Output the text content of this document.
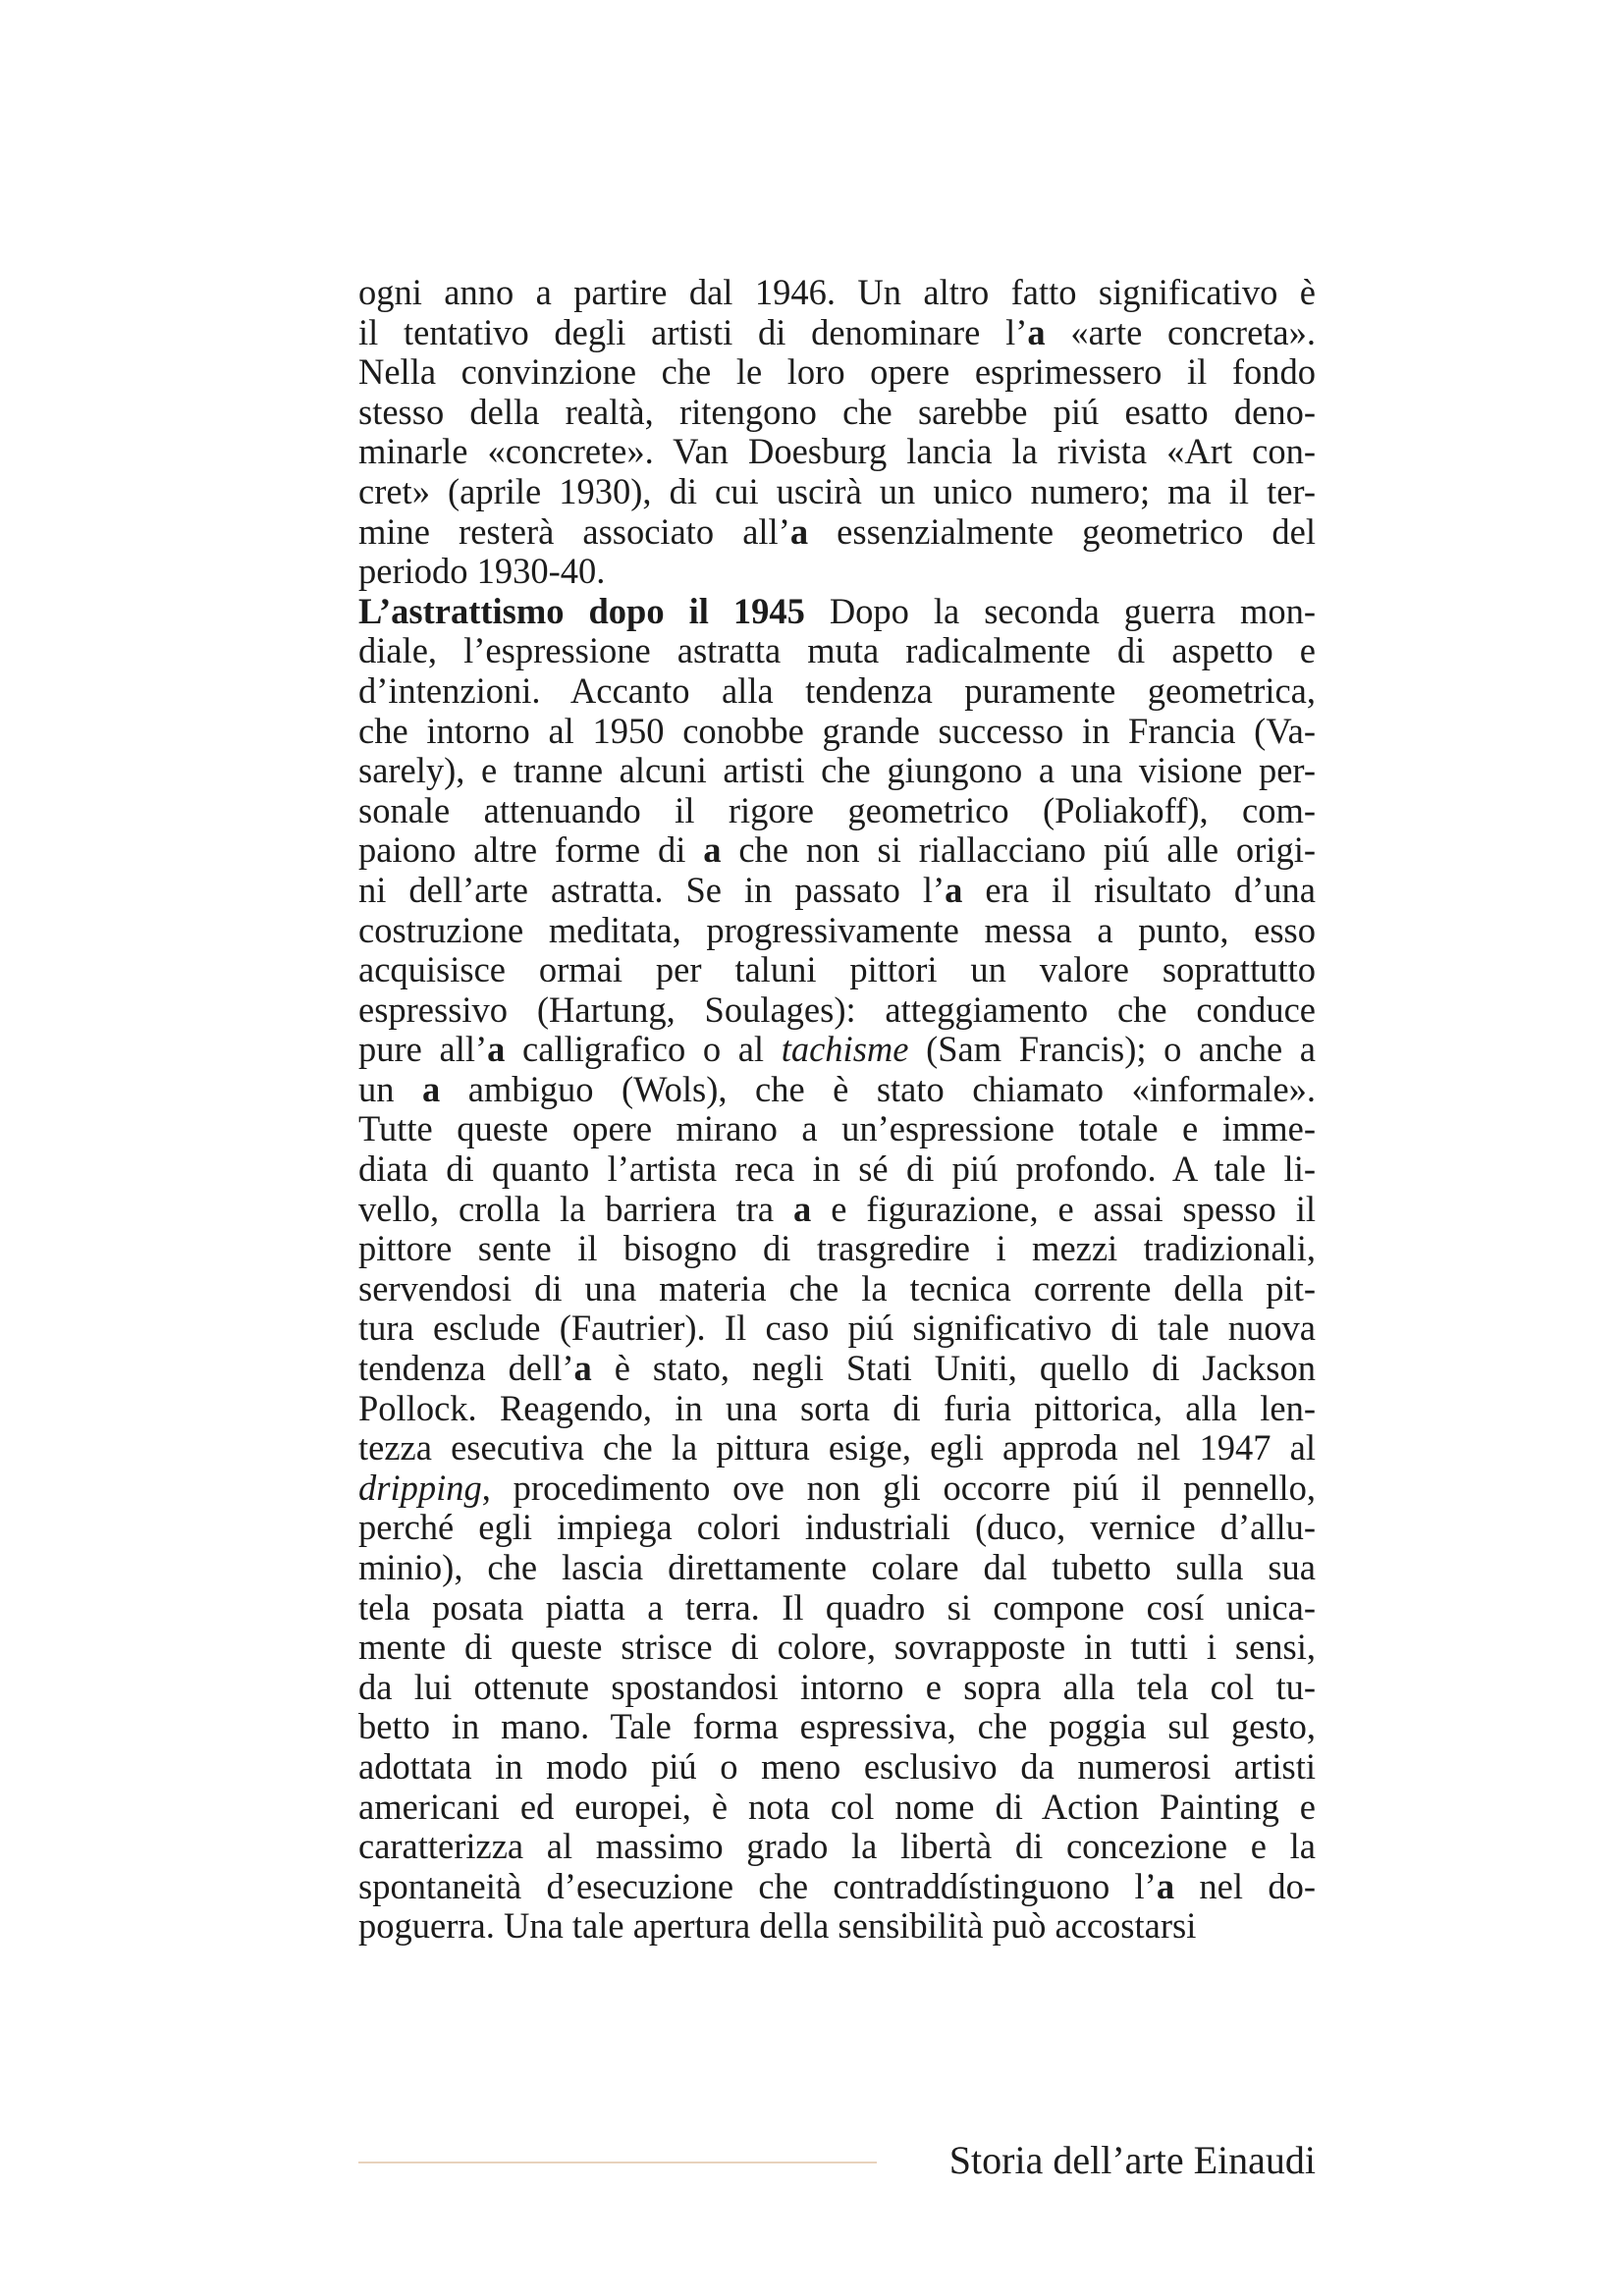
ogni anno a partire dal 1946. Un altro fatto significativo è
il tentativo degli artisti di denominare l’a «arte concreta».
Nella convinzione che le loro opere esprimessero il fondo
stesso della realtà, ritengono che sarebbe piú esatto deno-
minarle «concrete». Van Doesburg lancia la rivista «Art con-
cret» (aprile 1930), di cui uscirà un unico numero; ma il ter-
mine resterà associato all’a essenzialmente geometrico del
periodo 1930-40.
L’astrattismo dopo il 1945 Dopo la seconda guerra mon-
diale, l’espressione astratta muta radicalmente di aspetto e
d’intenzioni. Accanto alla tendenza puramente geometrica,
che intorno al 1950 conobbe grande successo in Francia (Va-
sarely), e tranne alcuni artisti che giungono a una visione per-
sonale attenuando il rigore geometrico (Poliakoff), com-
paiono altre forme di a che non si riallacciano piú alle origi-
ni dell’arte astratta. Se in passato l’a era il risultato d’una
costruzione meditata, progressivamente messa a punto, esso
acquisisce ormai per taluni pittori un valore soprattutto
espressivo (Hartung, Soulages): atteggiamento che conduce
pure all’a calligrafico o al tachisme (Sam Francis); o anche a
un a ambiguo (Wols), che è stato chiamato «informale».
Tutte queste opere mirano a un’espressione totale e imme-
diata di quanto l’artista reca in sé di piú profondo. A tale li-
vello, crolla la barriera tra a e figurazione, e assai spesso il
pittore sente il bisogno di trasgredire i mezzi tradizionali,
servendosi di una materia che la tecnica corrente della pit-
tura esclude (Fautrier). Il caso piú significativo di tale nuova
tendenza dell’a è stato, negli Stati Uniti, quello di Jackson
Pollock. Reagendo, in una sorta di furia pittorica, alla len-
tezza esecutiva che la pittura esige, egli approda nel 1947 al
dripping, procedimento ove non gli occorre piú il pennello,
perché egli impiega colori industriali (duco, vernice d’allu-
minio), che lascia direttamente colare dal tubetto sulla sua
tela posata piatta a terra. Il quadro si compone cosí unica-
mente di queste strisce di colore, sovrapposte in tutti i sensi,
da lui ottenute spostandosi intorno e sopra alla tela col tu-
betto in mano. Tale forma espressiva, che poggia sul gesto,
adottata in modo piú o meno esclusivo da numerosi artisti
americani ed europei, è nota col nome di Action Painting e
caratterizza al massimo grado la libertà di concezione e la
spontaneità d’esecuzione che contraddístinguono l’a nel do-
poguerra. Una tale apertura della sensibilità può accostarsi
Storia dell’arte Einaudi
